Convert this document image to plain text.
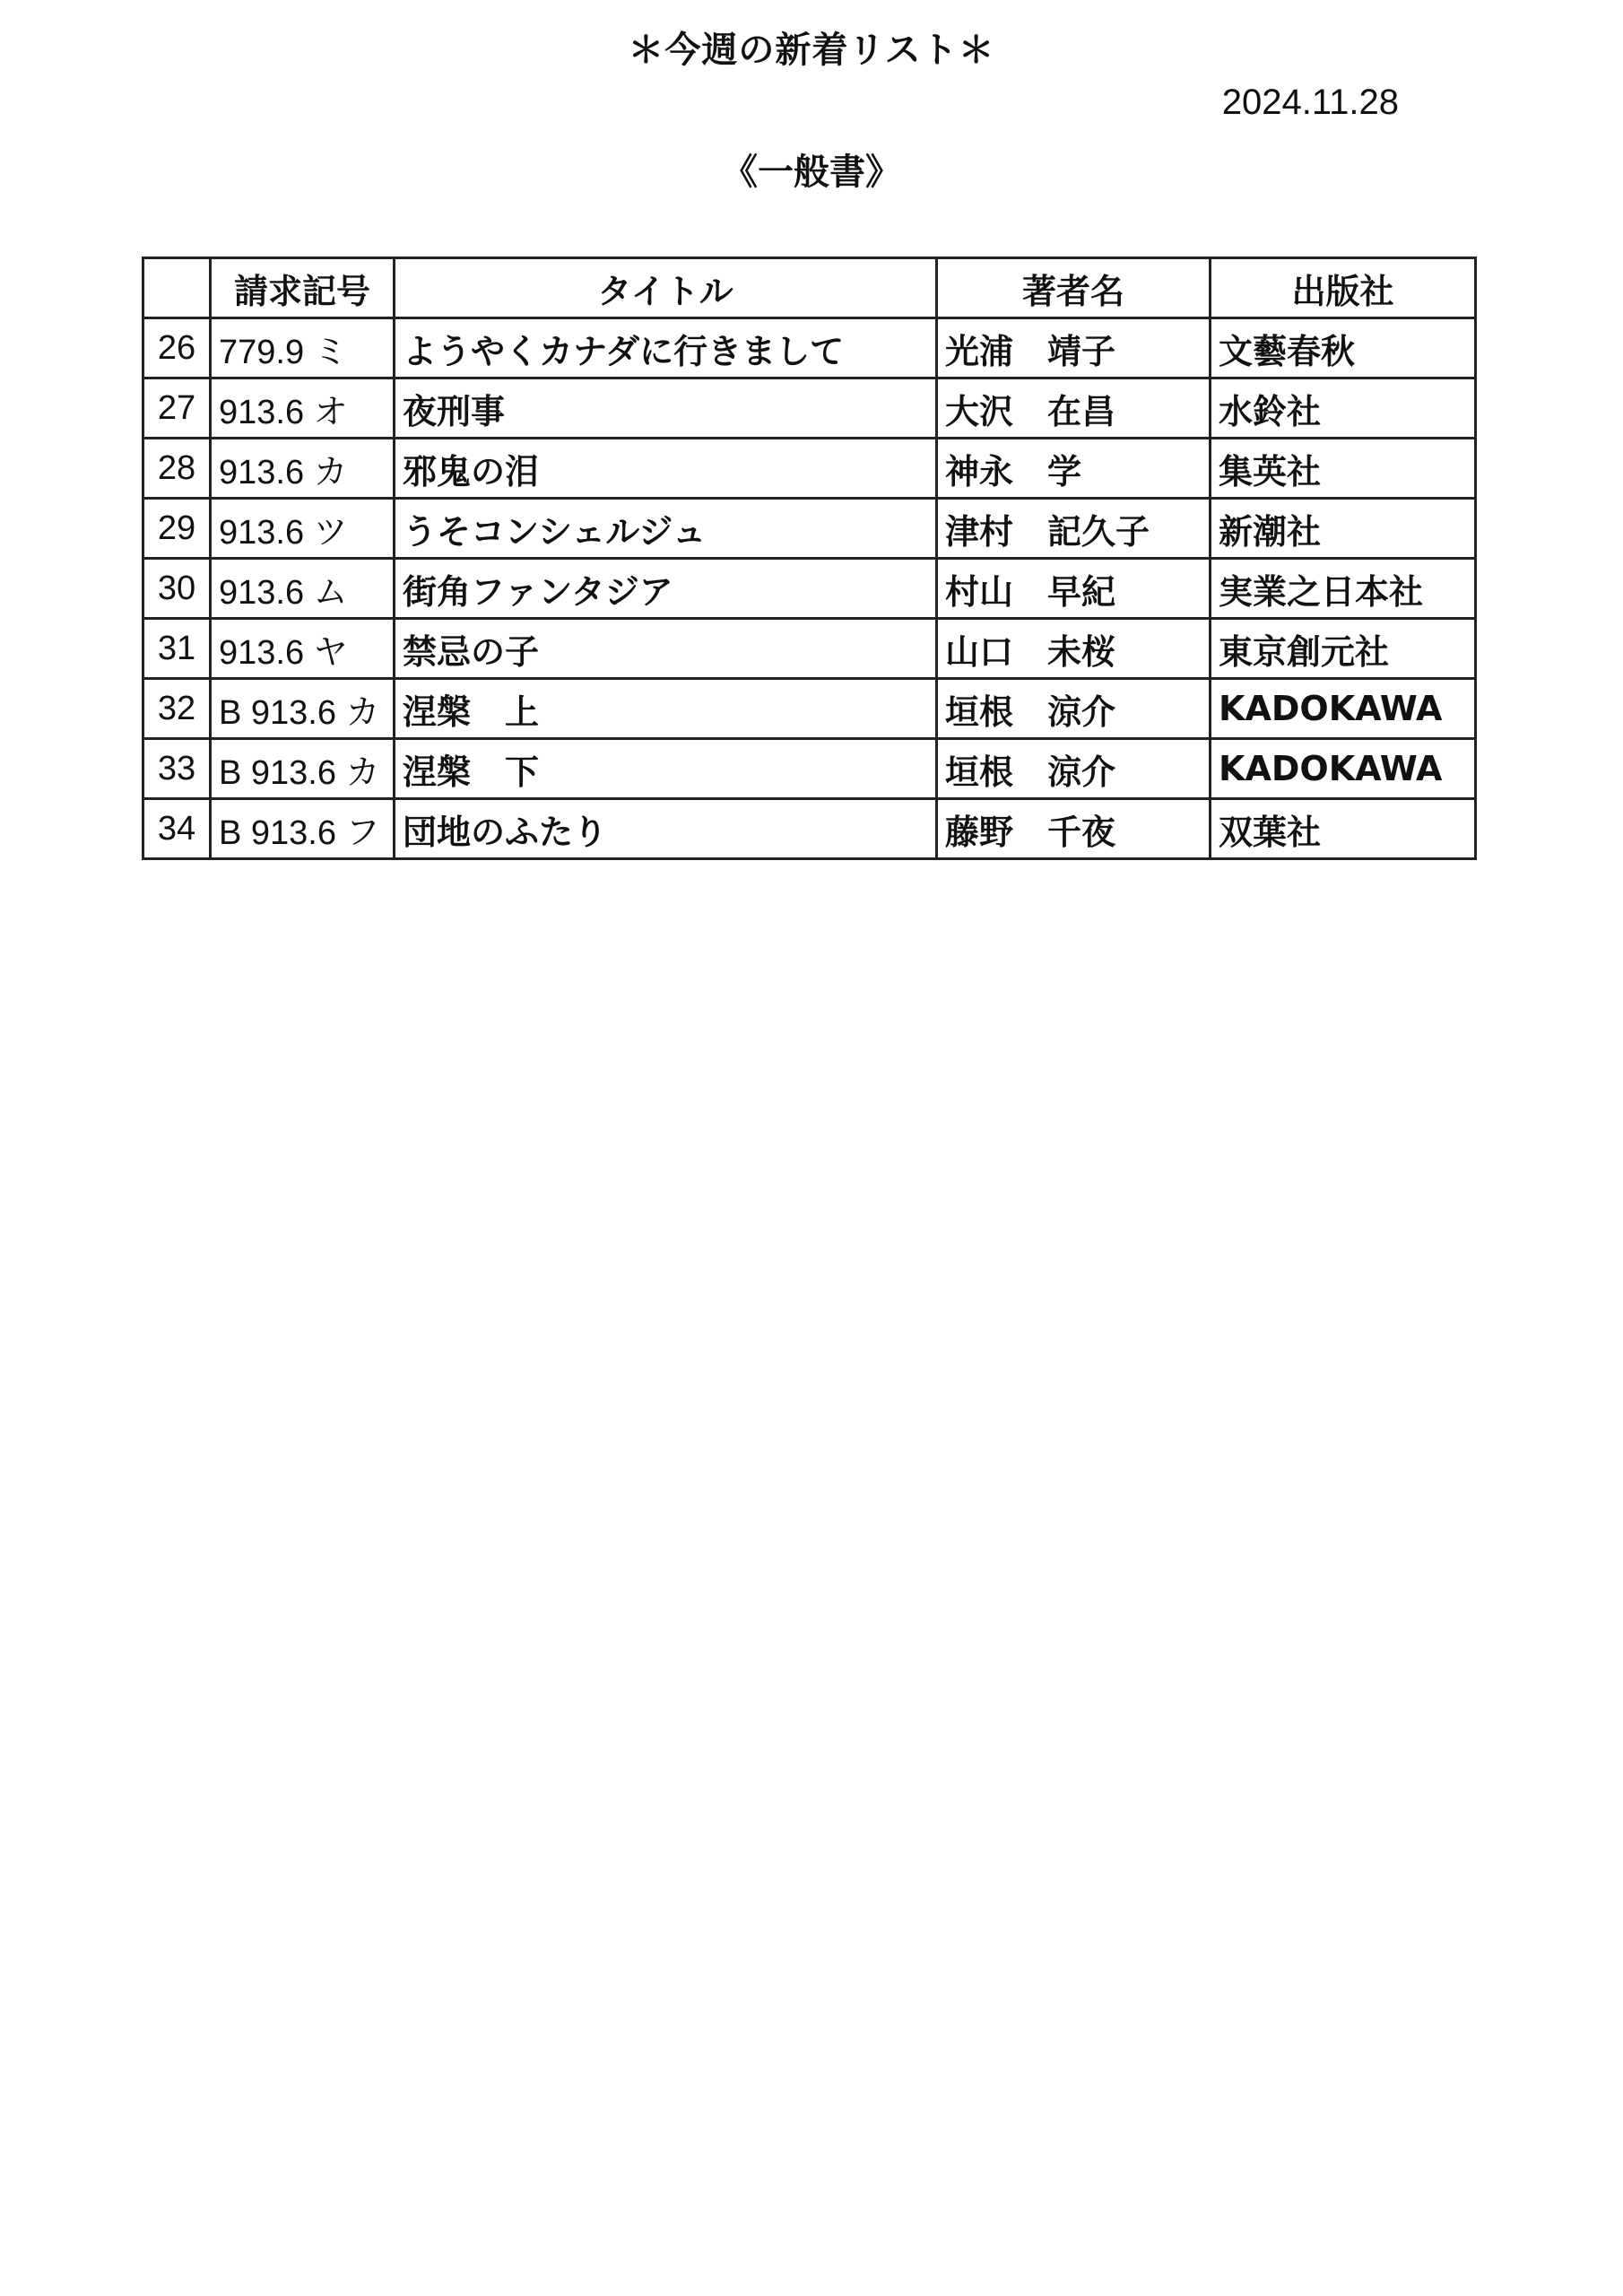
＊今週の新着リスト＊
2024.11.28
《一般書》
	請求記号	タイトル	著者名	出版社
26	779.9 ミ	ようやくカナダに行きまして	光浦　靖子	文藝春秋
27	913.6 オ	夜刑事	大沢　在昌	水鈴社
28	913.6 カ	邪鬼の泪	神永　学	集英社
29	913.6 ツ	うそコンシェルジュ	津村　記久子	新潮社
30	913.6 ム	街角ファンタジア	村山　早紀	実業之日本社
31	913.6 ヤ	禁忌の子	山口　未桜	東京創元社
32	B 913.6 カ	涅槃　上	垣根　涼介	KADOKAWA
33	B 913.6 カ	涅槃　下	垣根　涼介	KADOKAWA
34	B 913.6 フ	団地のふたり	藤野　千夜	双葉社
